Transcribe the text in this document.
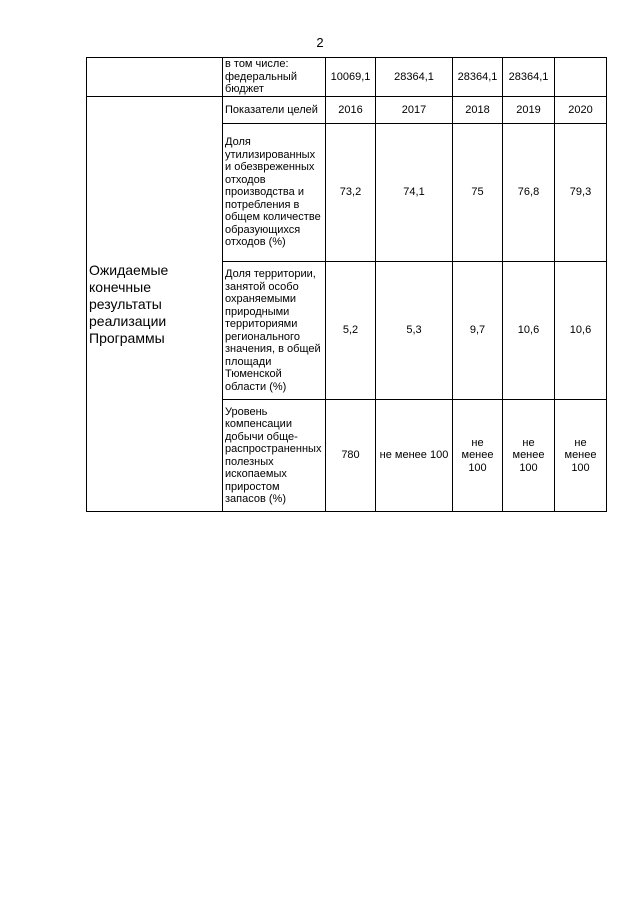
2
	в том числе: федеральный бюджет	10069,1	28364,1	28364,1	28364,1	
Ожидаемые конечные результаты реализации Программы	Показатели целей	2016	2017	2018	2019	2020
	Доля утилизированных и обезвреженных отходов производства и потребления в общем количестве образующихся отходов (%)	73,2	74,1	75	76,8	79,3
	Доля территории, занятой особо охраняемыми природными территориями регионального значения, в общей площади Тюменской области (%)	5,2	5,3	9,7	10,6	10,6
	Уровень компенсации добычи обще-распространенных полезных ископаемых приростом запасов (%)	780	не менее 100	не менее 100	не менее 100	не менее 100
